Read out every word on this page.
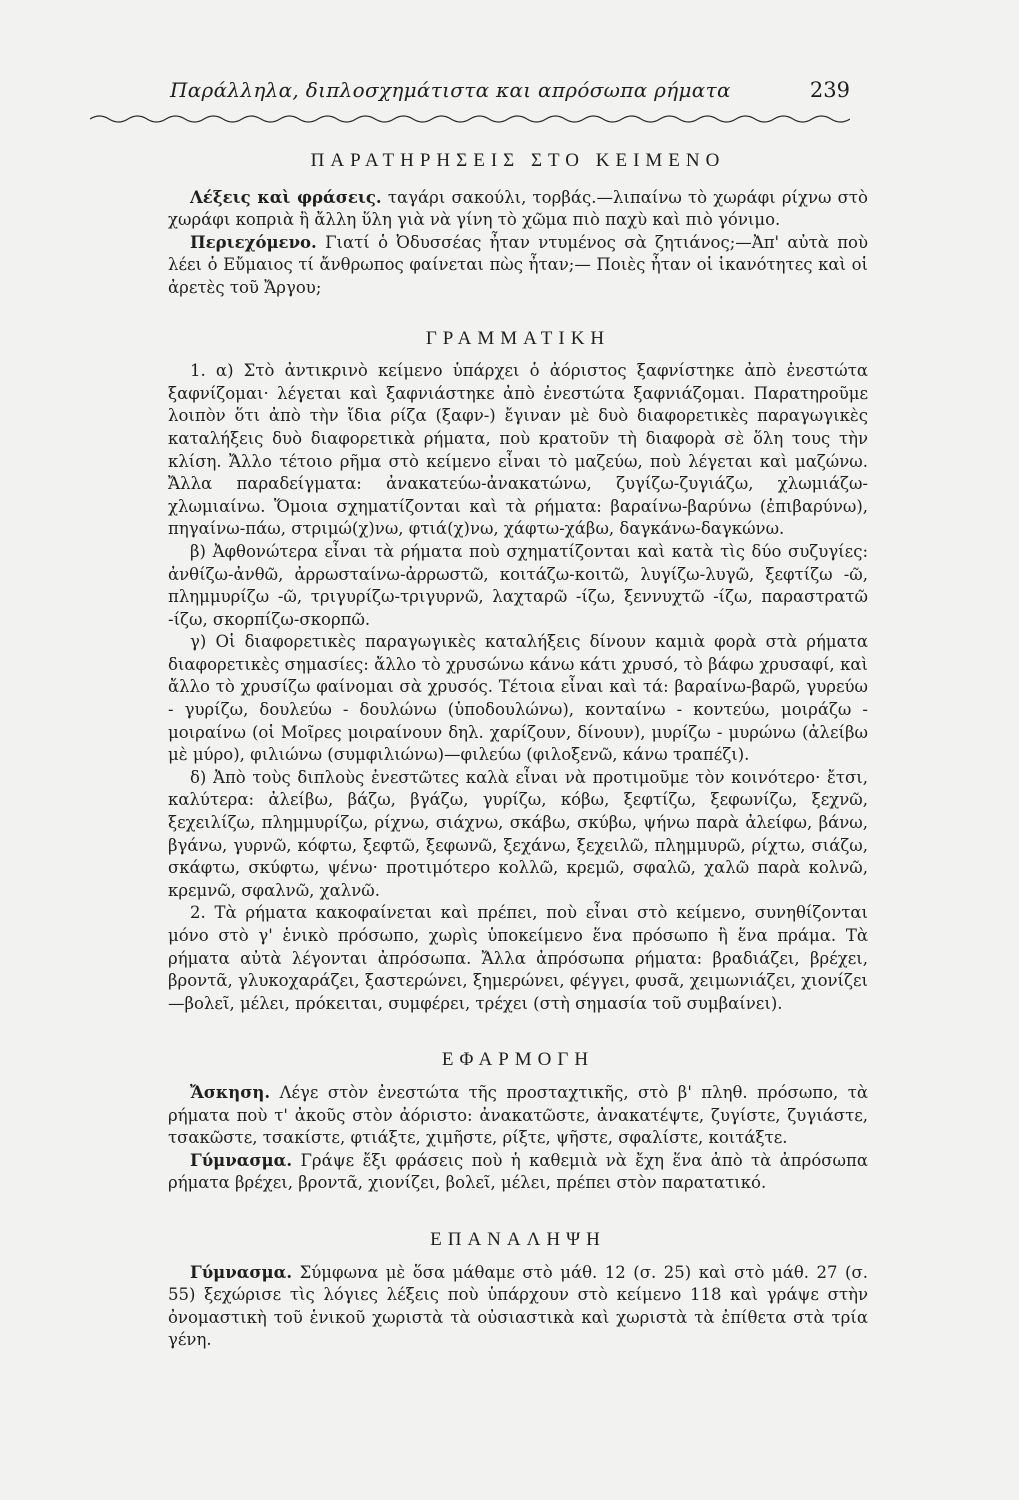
Παράλληλα, διπλοσχημάτιστα και απρόσωπα ρήματα	239
ΠΑΡΑΤΗΡΗΣΕΙΣ ΣΤΟ ΚΕΙΜΕΝΟ

Λέξεις καὶ φράσεις. ταγάρι σακούλι, τορβάς.—λιπαίνω τὸ χωράφι ρίχνω στὸ χωράφι κοπριὰ ἢ ἄλλη ὕλη γιὰ νὰ γίνη τὸ χῶμα πιὸ παχὺ καὶ πιὸ γόνιμο.

Περιεχόμενο. Γιατί ὁ Ὀδυσσέας ἦταν ντυμένος σὰ ζητιάνος;—Ἀπ' αὐτὰ ποὺ λέει ὁ Εὔμαιος τί ἄνθρωπος φαίνεται πὼς ἦταν;— Ποιὲς ἦταν οἱ ἱκανότητες καὶ οἱ ἀρετὲς τοῦ Ἄργου;

ΓΡΑΜΜΑΤΙΚΗ

1. α) Στὸ ἀντικρινὸ κείμενο ὑπάρχει ὁ ἀόριστος ξαφνίστηκε ἀπὸ ἐνεστώτα ξαφνίζομαι· λέγεται καὶ ξαφνιάστηκε ἀπὸ ἐνεστώτα ξαφνιάζομαι. Παρατηροῦμε λοιπὸν ὅτι ἀπὸ τὴν ἴδια ρίζα (ξαφν-) ἔγιναν μὲ δυὸ διαφορετικὲς παραγωγικὲς καταλήξεις δυὸ διαφορετικὰ ρήματα, ποὺ κρατοῦν τὴ διαφορὰ σὲ ὅλη τους τὴν κλίση. Ἄλλο τέτοιο ρῆμα στὸ κείμενο εἶναι τὸ μαζεύω, ποὺ λέγεται καὶ μαζώνω. Ἄλλα παραδείγματα: ἀνακατεύω-ἀνακατώνω, ζυγίζω-ζυγιάζω, χλωμιάζω-χλωμιαίνω. Ὅμοια σχηματίζονται καὶ τὰ ρήματα: βαραίνω-βαρύνω (ἐπιβαρύνω), πηγαίνω-πάω, στριμώ(χ)νω, φτιά(χ)νω, χάφτω-χάβω, δαγκάνω-δαγκώνω.

β) Ἀφθονώτερα εἶναι τὰ ρήματα ποὺ σχηματίζονται καὶ κατὰ τὶς δύο συζυγίες: ἀνθίζω-ἀνθῶ, ἀρρωσταίνω-ἀρρωστῶ, κοιτάζω-κοιτῶ, λυγίζω-λυγῶ, ξεφτίζω -ῶ, πλημμυρίζω -ῶ, τριγυρίζω-τριγυρνῶ, λαχταρῶ -ίζω, ξεννυχτῶ -ίζω, παραστρατῶ -ίζω, σκορπίζω-σκορπῶ.

γ) Οἱ διαφορετικὲς παραγωγικὲς καταλήξεις δίνουν καμιὰ φορὰ στὰ ρήματα διαφορετικὲς σημασίες: ἄλλο τὸ χρυσώνω κάνω κάτι χρυσό, τὸ βάφω χρυσαφί, καὶ ἄλλο τὸ χρυσίζω φαίνομαι σὰ χρυσός. Τέτοια εἶναι καὶ τά: βαραίνω-βαρῶ, γυρεύω - γυρίζω, δουλεύω - δουλώνω (ὑποδουλώνω), κονταίνω - κοντεύω, μοιράζω - μοιραίνω (οἱ Μοῖρες μοιραίνουν δηλ. χαρίζουν, δίνουν), μυρίζω - μυρώνω (ἀλείβω μὲ μύρο), φιλιώνω (συμφιλιώνω)—φιλεύω (φιλοξενῶ, κάνω τραπέζι).

δ) Ἀπὸ τοὺς διπλοὺς ἐνεστῶτες καλὰ εἶναι νὰ προτιμοῦμε τὸν κοινότερο· ἔτσι, καλύτερα: ἀλείβω, βάζω, βγάζω, γυρίζω, κόβω, ξεφτίζω, ξεφωνίζω, ξεχνῶ, ξεχειλίζω, πλημμυρίζω, ρίχνω, σιάχνω, σκάβω, σκύβω, ψήνω παρὰ ἀλείφω, βάνω, βγάνω, γυρνῶ, κόφτω, ξεφτῶ, ξεφωνῶ, ξεχάνω, ξεχειλῶ, πλημμυρῶ, ρίχτω, σιάζω, σκάφτω, σκύφτω, ψένω· προτιμότερο κολλῶ, κρεμῶ, σφαλῶ, χαλῶ παρὰ κολνῶ, κρεμνῶ, σφαλνῶ, χαλνῶ.

2. Τὰ ρήματα κακοφαίνεται καὶ πρέπει, ποὺ εἶναι στὸ κείμενο, συνηθίζονται μόνο στὸ γ' ἑνικὸ πρόσωπο, χωρὶς ὑποκείμενο ἕνα πρόσωπο ἢ ἕνα πράμα. Τὰ ρήματα αὐτὰ λέγονται ἀπρόσωπα. Ἄλλα ἀπρόσωπα ρήματα: βραδιάζει, βρέχει, βροντᾶ, γλυκοχαράζει, ξαστερώνει, ξημερώνει, φέγγει, φυσᾶ, χειμωνιάζει, χιονίζει—βολεῖ, μέλει, πρόκειται, συμφέρει, τρέχει (στὴ σημασία τοῦ συμβαίνει).

ΕΦΑΡΜΟΓΗ

Ἄσκηση. Λέγε στὸν ἐνεστώτα τῆς προσταχτικῆς, στὸ β' πληθ. πρόσωπο, τὰ ρήματα ποὺ τ' ἀκοῦς στὸν ἀόριστο: ἀνακατῶστε, ἀνακατέψτε, ζυγίστε, ζυγιάστε, τσακῶστε, τσακίστε, φτιάξτε, χιμῆστε, ρίξτε, ψῆστε, σφαλίστε, κοιτάξτε.

Γύμνασμα. Γράψε ἔξι φράσεις ποὺ ἡ καθεμιὰ νὰ ἔχη ἕνα ἀπὸ τὰ ἀπρόσωπα ρήματα βρέχει, βροντᾶ, χιονίζει, βολεῖ, μέλει, πρέπει στὸν παρατατικό.

ΕΠΑΝΑΛΗΨΗ

Γύμνασμα. Σύμφωνα μὲ ὅσα μάθαμε στὸ μάθ. 12 (σ. 25) καὶ στὸ μάθ. 27 (σ. 55) ξεχώρισε τὶς λόγιες λέξεις ποὺ ὑπάρχουν στὸ κείμενο 118 καὶ γράψε στὴν ὀνομαστικὴ τοῦ ἑνικοῦ χωριστὰ τὰ οὐσιαστικὰ καὶ χωριστὰ τὰ ἐπίθετα στὰ τρία γένη.
